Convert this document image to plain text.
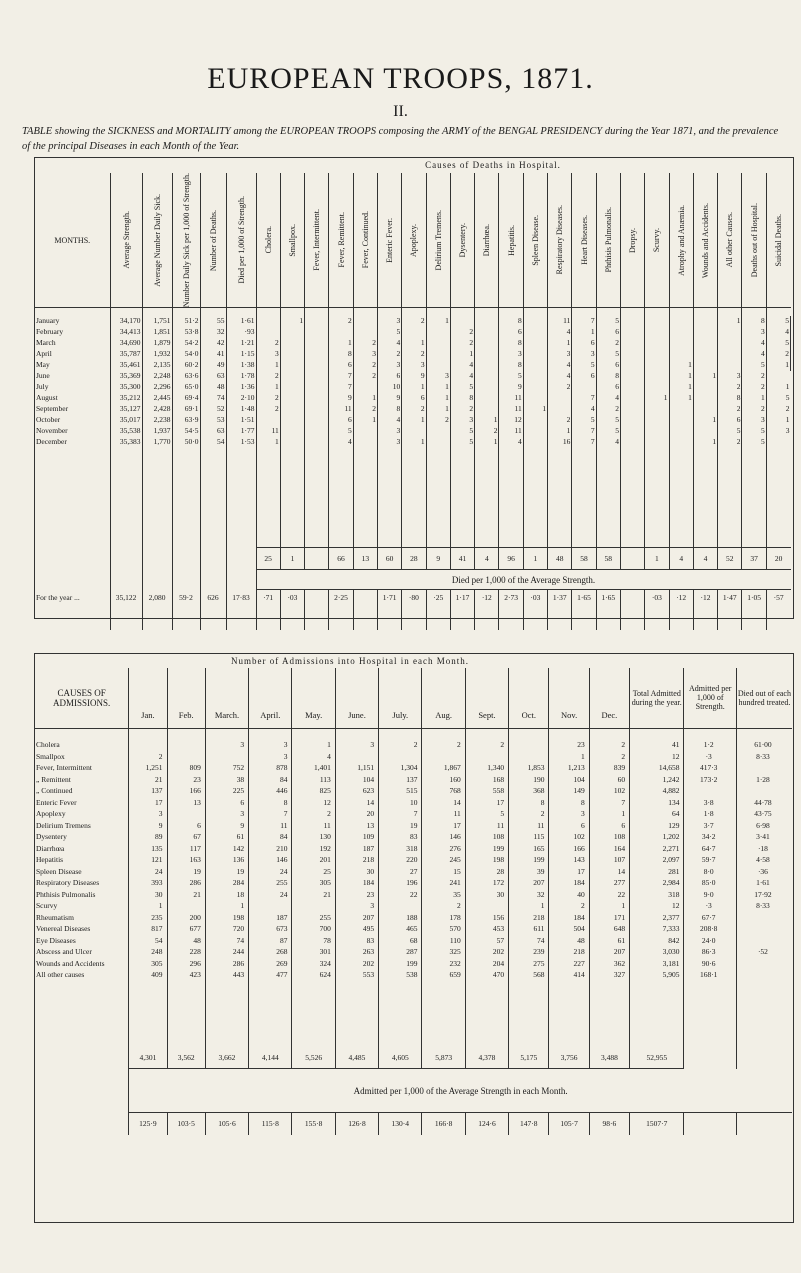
EUROPEAN TROOPS, 1871.
II.
TABLE showing the SICKNESS and MORTALITY among the EUROPEAN TROOPS composing the ARMY of the BENGAL PRESIDENCY during the Year 1871, and the prevalence of the principal Diseases in each Month of the Year.
Causes of Deaths in Hospital.
MONTHS.	Average Strength.	Average Number Daily Sick.	Number Daily Sick per 1,000 of Strength.	Number of Deaths.	Died per 1,000 of Strength.	Cholera.	Smallpox.	Fever, Intermittent.	Fever, Remittent.	Fever, Continued.	Enteric Fever.	Apoplexy.	Delirium Tremens.	Dysentery.	Diarrhœa.	Hepatitis.	Spleen Disease.	Respiratory Diseases.	Heart Diseases.	Phthisis Pulmonalis.	Dropsy.	Scurvy.	Atrophy and Anæmia.	Wounds and Accidents.	All other Causes.	Deaths out of Hospital.	Suicidal Deaths.	

January	34,170	1,751	51·2	55	1·61		1		2		3	2	1			8		11	7	5					1	8	5	
February	34,413	1,851	53·8	32	·93						5			2		6		4	1	6						3	4	
March	34,690	1,879	54·2	42	1·21	2			1	2	4	1		2		8		1	6	2						4	5	
April	35,787	1,932	54·0	41	1·15	3			8	3	2	2		1		3		3	3	5						4	2	
May	35,461	2,135	60·2	49	1·38	1			6	2	3	3		4		8		4	5	6			1			5	1	
June	35,369	2,248	63·6	63	1·78	2			7	2	6	9	3	4		5		4	6	8			1	1	3	2		
July	35,300	2,296	65·0	48	1·36	1			7		10	1	1	5		9		2		6			1		2	2	1	
August	35,212	2,445	69·4	74	2·10	2			9	1	9	6	1	8		11			7	4		1	1		8	1	5	
September	35,127	2,428	69·1	52	1·48	2			11	2	8	2	1	2		11	1		4	2					2	2	2	
October	35,017	2,238	63·9	53	1·51				6	1	4	1	2	3	1	12		2	5	5				1	6	3	1	
November	35,538	1,937	54·5	63	1·77	11			5		3			5	2	11		1	7	5					5	5	3	
December	35,383	1,770	50·0	54	1·53	1			4		3	1		5	1	4		16	7	4				1	2	5		

						25	1		66	13	60	28	9	41	4	96	1	48	58	58		1	4	4	52	37	20	
						Died per 1,000 of the Average Strength.																						
For the year ...	35,122	2,080	59·2	626	17·83	·71	·03		2·25		1·71	·80	·25	1·17	·12	2·73	·03	1·37	1·65	1·65		·03	·12	·12	1·47	1·05	·57	

Number of Admissions into Hospital in each Month.
CAUSES OF ADMISSIONS.	Jan.	Feb.	March.	April.	May.	June.	July.	Aug.	Sept.	Oct.	Nov.	Dec.	Total Admitted during the year.	Admitted per 1,000 of Strength.	Died out of each hundred treated.

Cholera			3	3	1	3	2	2	2		23	2	41	1·2	61·00
Smallpox	2			3	4						1	2	12	·3	8·33
Fever, Intermittent	1,251	809	752	878	1,401	1,151	1,304	1,867	1,340	1,853	1,213	839	14,658	417·3	
„ Remittent	21	23	38	84	113	104	137	160	168	190	104	60	1,242	173·2	1·28
„ Continued	137	166	225	446	825	623	515	768	558	368	149	102	4,882		
Enteric Fever	17	13	6	8	12	14	10	14	17	8	8	7	134	3·8	44·78
Apoplexy	3		3	7	2	20	7	11	5	2	3	1	64	1·8	43·75
Delirium Tremens	9	6	9	11	11	13	19	17	11	11	6	6	129	3·7	6·98
Dysentery	89	67	61	84	130	109	83	146	108	115	102	108	1,202	34·2	3·41
Diarrhœa	135	117	142	210	192	187	318	276	199	165	166	164	2,271	64·7	·18
Hepatitis	121	163	136	146	201	218	220	245	198	199	143	107	2,097	59·7	4·58
Spleen Disease	24	19	19	24	25	30	27	15	28	39	17	14	281	8·0	·36
Respiratory Diseases	393	286	284	255	305	184	196	241	172	207	184	277	2,984	85·0	1·61
Phthisis Pulmonalis	30	21	18	24	21	23	22	35	30	32	40	22	318	9·0	17·92
Scurvy	1		1			3		2		1	2	1	12	·3	8·33
Rheumatism	235	200	198	187	255	207	188	178	156	218	184	171	2,377	67·7	
Venereal Diseases	817	677	720	673	700	495	465	570	453	611	504	648	7,333	208·8	
Eye Diseases	54	48	74	87	78	83	68	110	57	74	48	61	842	24·0	
Abscess and Ulcer	248	228	244	268	301	263	287	325	202	239	218	207	3,030	86·3	·52
Wounds and Accidents	305	296	286	269	324	202	199	232	204	275	227	362	3,181	90·6	
All other causes	409	423	443	477	624	553	538	659	470	568	414	327	5,905	168·1	

	4,301	3,562	3,662	4,144	5,526	4,485	4,605	5,873	4,378	5,175	3,756	3,488	52,955		
	Admitted per 1,000 of the Average Strength in each Month.														
	125·9	103·5	105·6	115·8	155·8	126·8	130·4	166·8	124·6	147·8	105·7	98·6	1507·7		
